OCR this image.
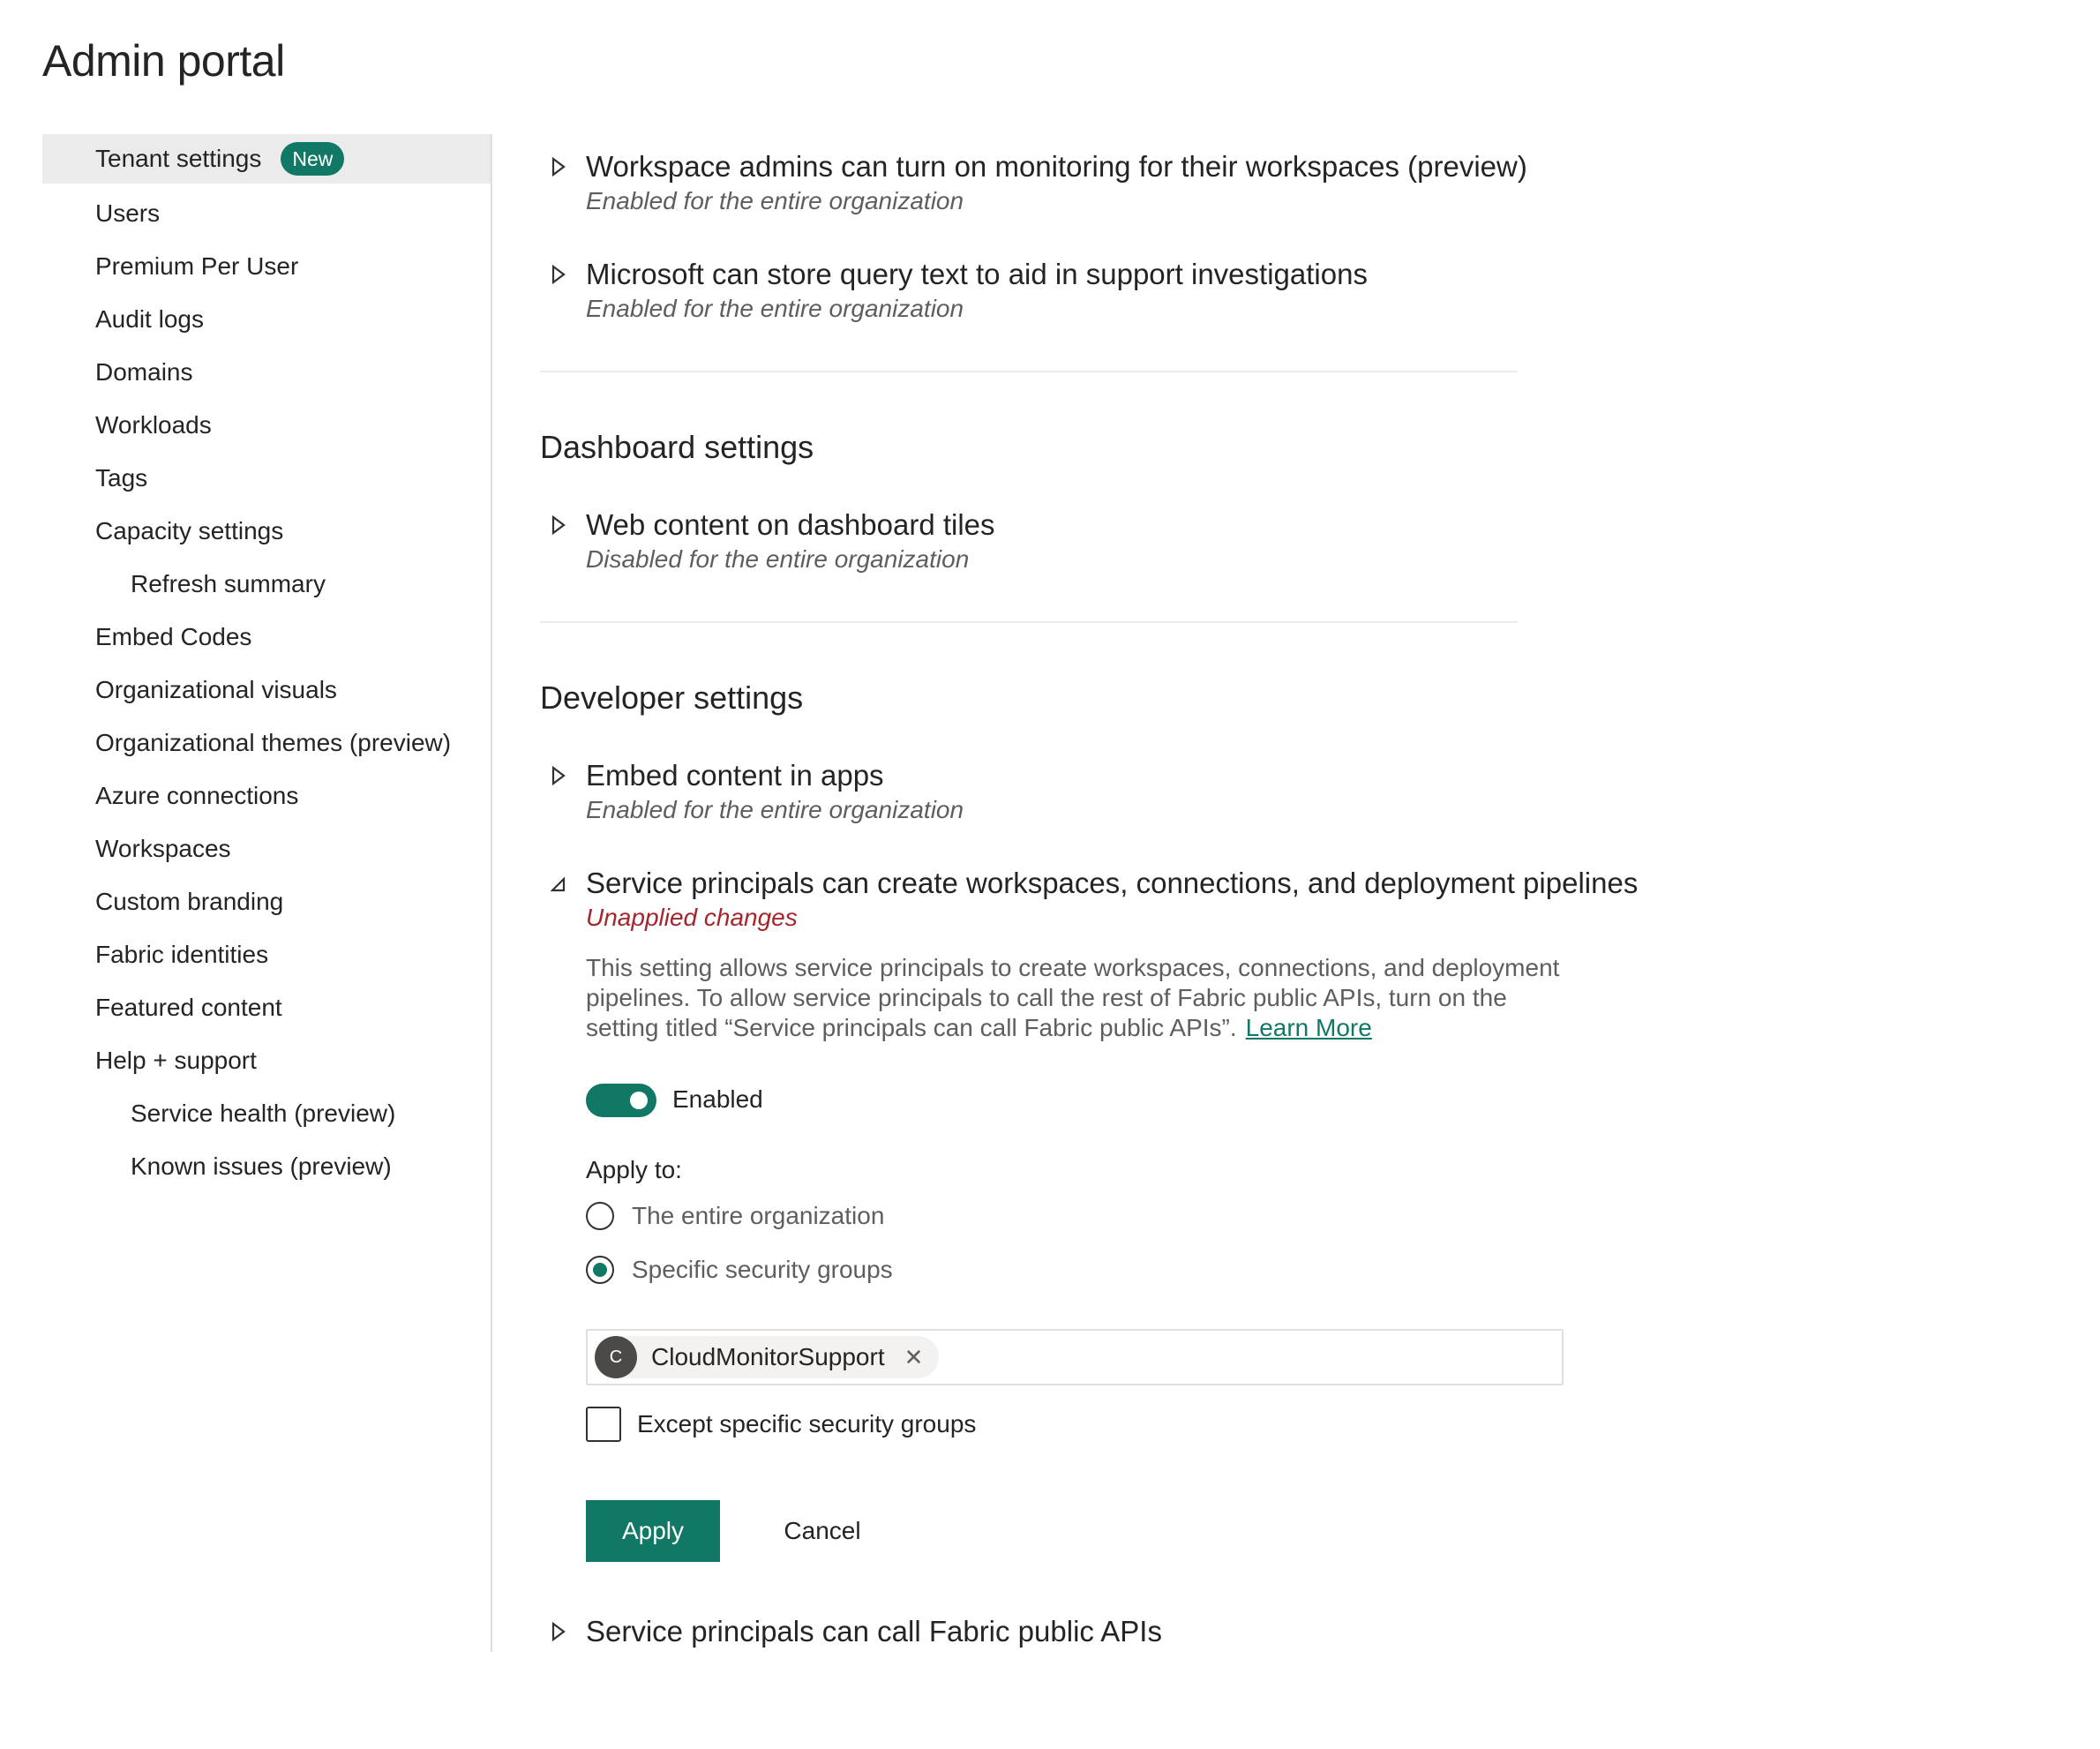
Admin portal
Tenant settings	New
Users
Premium Per User
Audit logs
Domains
Workloads
Tags
Capacity settings
Refresh summary
Embed Codes
Organizational visuals
Organizational themes (preview)
Azure connections
Workspaces
Custom branding
Fabric identities
Featured content
Help + support
Service health (preview)
Known issues (preview)
Workspace admins can turn on monitoring for their workspaces (preview)
Enabled for the entire organization
Microsoft can store query text to aid in support investigations
Enabled for the entire organization
Dashboard settings
Web content on dashboard tiles
Disabled for the entire organization
Developer settings
Embed content in apps
Enabled for the entire organization
Service principals can create workspaces, connections, and deployment pipelines
Unapplied changes
This setting allows service principals to create workspaces, connections, and deployment
pipelines. To allow service principals to call the rest of Fabric public APIs, turn on the
setting titled “Service principals can call Fabric public APIs”. Learn More
Enabled
Apply to:
The entire organization
Specific security groups
C	CloudMonitorSupport ✕
Except specific security groups
Apply	Cancel
Service principals can call Fabric public APIs
